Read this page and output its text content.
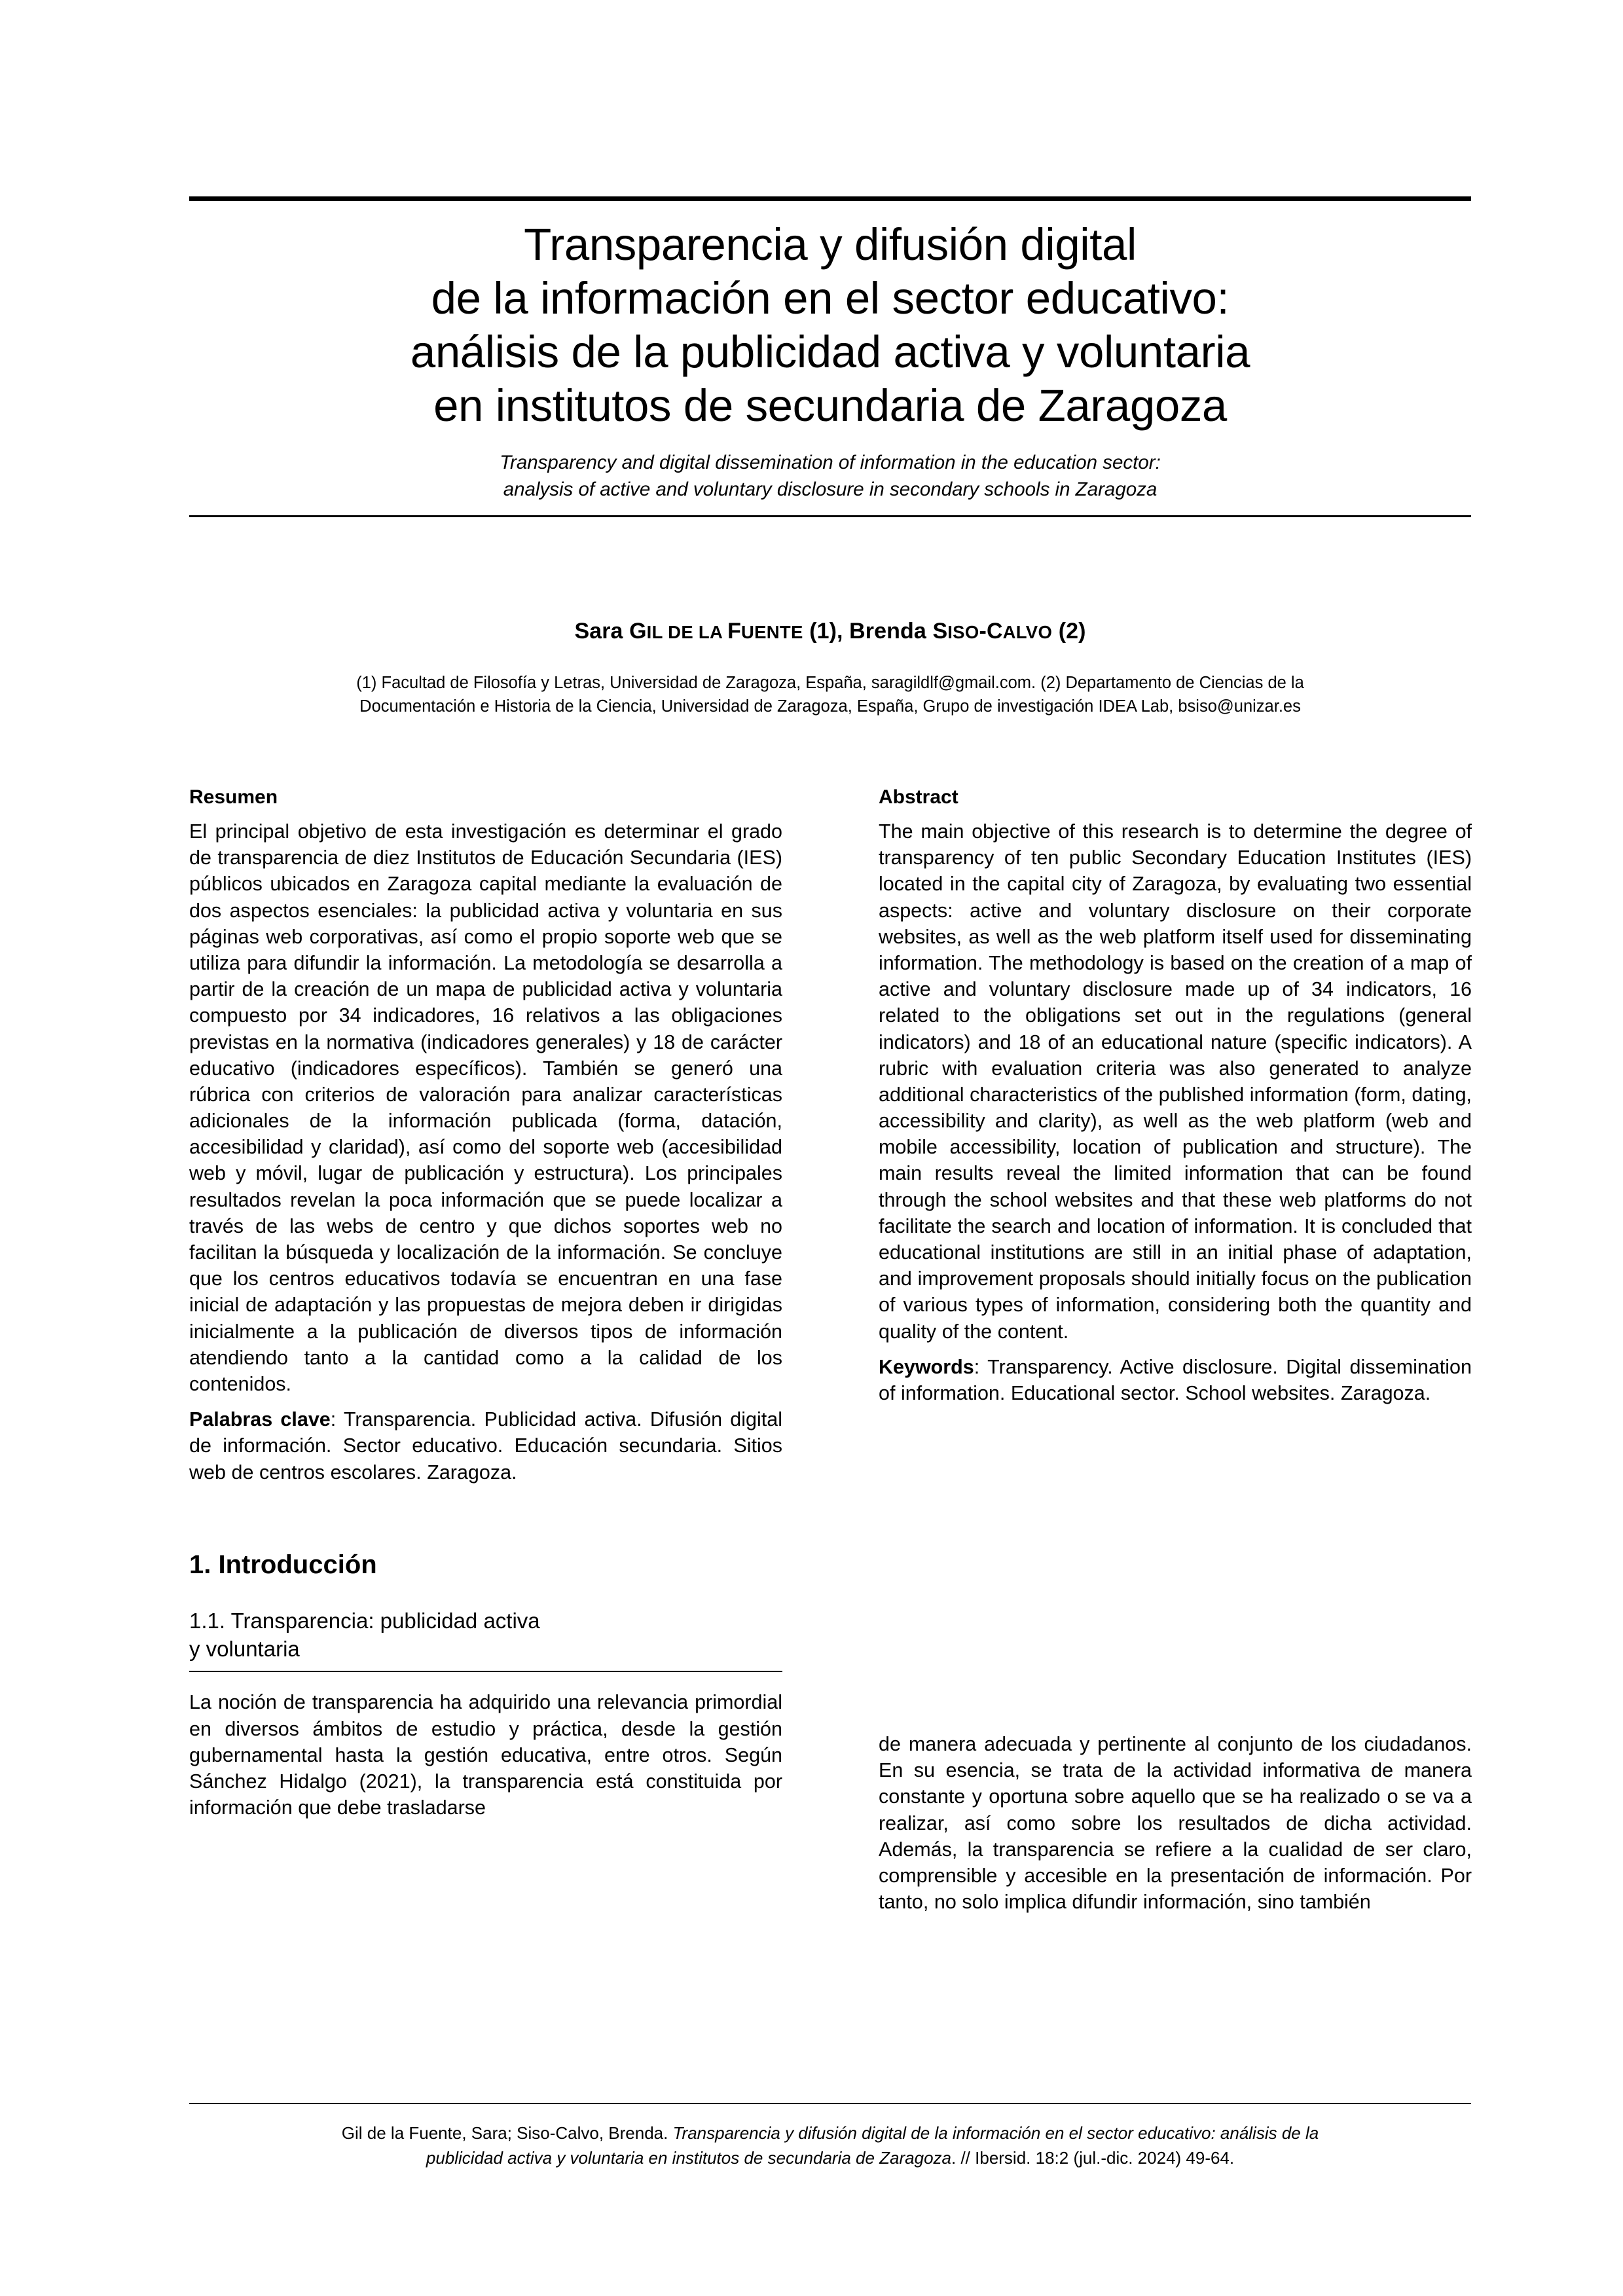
Transparencia y difusión digital
de la información en el sector educativo:
análisis de la publicidad activa y voluntaria
en institutos de secundaria de Zaragoza
Transparency and digital dissemination of information in the education sector:
analysis of active and voluntary disclosure in secondary schools in Zaragoza
Sara GIL DE LA FUENTE (1), Brenda SISO-CALVO (2)
(1) Facultad de Filosofía y Letras, Universidad de Zaragoza, España, saragildlf@gmail.com. (2) Departamento de Ciencias de la
Documentación e Historia de la Ciencia, Universidad de Zaragoza, España, Grupo de investigación IDEA Lab, bsiso@unizar.es
Resumen

El principal objetivo de esta investigación es determinar el grado de transparencia de diez Institutos de Educación Secundaria (IES) públicos ubicados en Zaragoza capital mediante la evaluación de dos aspectos esenciales: la publicidad activa y voluntaria en sus páginas web corporativas, así como el propio soporte web que se utiliza para difundir la información. La metodología se desarrolla a partir de la creación de un mapa de publicidad activa y voluntaria compuesto por 34 indicadores, 16 relativos a las obligaciones previstas en la normativa (indicadores generales) y 18 de carácter educativo (indicadores específicos). También se generó una rúbrica con criterios de valoración para analizar características adicionales de la información publicada (forma, datación, accesibilidad y claridad), así como del soporte web (accesibilidad web y móvil, lugar de publicación y estructura). Los principales resultados revelan la poca información que se puede localizar a través de las webs de centro y que dichos soportes web no facilitan la búsqueda y localización de la información. Se concluye que los centros educativos todavía se encuentran en una fase inicial de adaptación y las propuestas de mejora deben ir dirigidas inicialmente a la publicación de diversos tipos de información atendiendo tanto a la cantidad como a la calidad de los contenidos.

Palabras clave: Transparencia. Publicidad activa. Difusión digital de información. Sector educativo. Educación secundaria. Sitios web de centros escolares. Zaragoza.

1. Introducción
1.1. Transparencia: publicidad activa
y voluntaria

La noción de transparencia ha adquirido una relevancia primordial en diversos ámbitos de estudio y práctica, desde la gestión gubernamental hasta la gestión educativa, entre otros. Según Sánchez Hidalgo (2021), la transparencia está constituida por información que debe trasladarse

Abstract

The main objective of this research is to determine the degree of transparency of ten public Secondary Education Institutes (IES) located in the capital city of Zaragoza, by evaluating two essential aspects: active and voluntary disclosure on their corporate websites, as well as the web platform itself used for disseminating information. The methodology is based on the creation of a map of active and voluntary disclosure made up of 34 indicators, 16 related to the obligations set out in the regulations (general indicators) and 18 of an educational nature (specific indicators). A rubric with evaluation criteria was also generated to analyze additional characteristics of the published information (form, dating, accessibility and clarity), as well as the web platform (web and mobile accessibility, location of publication and structure). The main results reveal the limited information that can be found through the school websites and that these web platforms do not facilitate the search and location of information. It is concluded that educational institutions are still in an initial phase of adaptation, and improvement proposals should initially focus on the publication of various types of information, considering both the quantity and quality of the content.

Keywords: Transparency. Active disclosure. Digital dissemination of information. Educational sector. School websites. Zaragoza.

de manera adecuada y pertinente al conjunto de los ciudadanos. En su esencia, se trata de la actividad informativa de manera constante y oportuna sobre aquello que se ha realizado o se va a realizar, así como sobre los resultados de dicha actividad. Además, la transparencia se refiere a la cualidad de ser claro, comprensible y accesible en la presentación de información. Por tanto, no solo implica difundir información, sino también

Gil de la Fuente, Sara; Siso-Calvo, Brenda. Transparencia y difusión digital de la información en el sector educativo: análisis de la
publicidad activa y voluntaria en institutos de secundaria de Zaragoza. // Ibersid. 18:2 (jul.-dic. 2024) 49-64.
